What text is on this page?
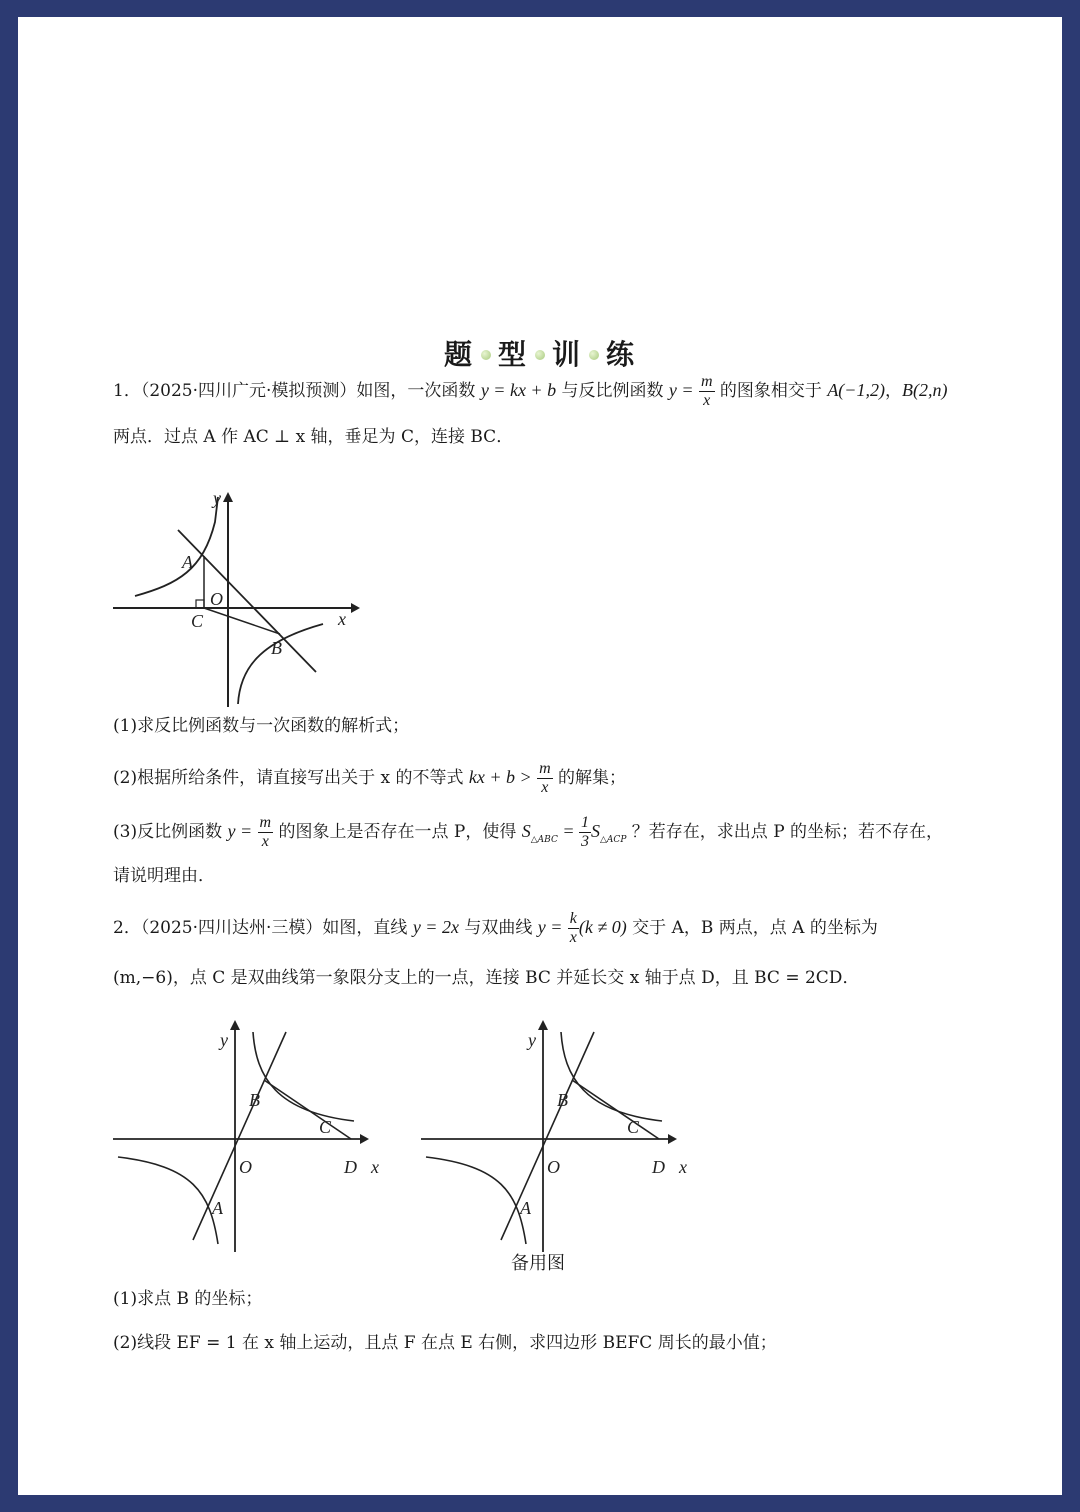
题 型 训 练
1．（2025·四川广元·模拟预测）如图，一次函数 y = kx + b 与反比例函数 $y = \frac{m}{x}$ 的图象相交于 A(−1,2)，B(2,n)
两点．过点 A 作 AC ⊥ x 轴，垂足为 C，连接 BC．
y
x
A
O
C
B
(1)求反比例函数与一次函数的解析式；
(2)根据所给条件，请直接写出关于 x 的不等式 kx + $b > \frac{m}{x}$ 的解集；
(3)反比例函数 $y = \frac{m}{x}$ 的图象上是否存在一点 P，使得 $S_{\triangle ABC} = \frac{1}{3} S_{\triangle ACP}$ ？若存在，求出点 P 的坐标；若不存在，
请说明理由．
2．（2025·四川达州·三模）如图，直线 y = 2x 与双曲线 $y = \frac{k}{x} (k \ne 0)$ 交于 A，B 两点，点 A 的坐标为
(m,−6)，点 C 是双曲线第一象限分支上的一点，连接 BC 并延长交 x 轴于点 D，且 BC = 2CD．
y
x
O
A
B
C
D
y
x
O
A
B
C
D
备用图
(1)求点 B 的坐标；
(2)线段 EF = 1 在 x 轴上运动，且点 F 在点 E 右侧，求四边形 BEFC 周长的最小值；
